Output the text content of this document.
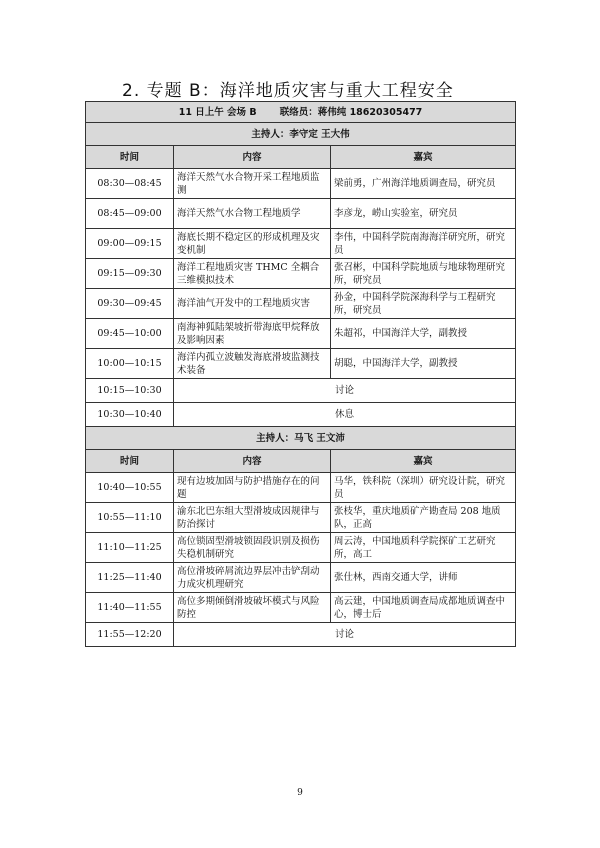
2. 专题 B：海洋地质灾害与重大工程安全
11 日上午 会场 B 联络员：蒋伟纯 18620305477		
主持人：李守定 王大伟		
时间	内容	嘉宾
08:30—08:45	海洋天然气水合物开采工程地质监测	梁前勇，广州海洋地质调查局，研究员
08:45—09:00	海洋天然气水合物工程地质学	李彦龙，崂山实验室，研究员
09:00—09:15	海底长期不稳定区的形成机理及灾变机制	李伟，中国科学院南海海洋研究所，研究员
09:15—09:30	海洋工程地质灾害 THMC 全耦合三维模拟技术	张召彬，中国科学院地质与地球物理研究所，研究员
09:30—09:45	海洋油气开发中的工程地质灾害	孙金，中国科学院深海科学与工程研究所，研究员
09:45—10:00	南海神狐陆架坡折带海底甲烷释放及影响因素	朱超祁，中国海洋大学，副教授
10:00—10:15	海洋内孤立波触发海底滑坡监测技术装备	胡聪，中国海洋大学，副教授
10:15—10:30	讨论	
10:30—10:40	休息	
主持人：马飞 王文沛		
时间	内容	嘉宾
10:40—10:55	现有边坡加固与防护措施存在的问题	马华，铁科院（深圳）研究设计院，研究员
10:55—11:10	渝东北巴东组大型滑坡成因规律与防治探讨	张枝华，重庆地质矿产勘查局 208 地质队，正高
11:10—11:25	高位锁固型滑坡锁固段识别及损伤失稳机制研究	周云涛，中国地质科学院探矿工艺研究所，高工
11:25—11:40	高位滑坡碎屑流边界层冲击铲刮动力成灾机理研究	张仕林，西南交通大学，讲师
11:40—11:55	高位多期倾倒滑坡破坏模式与风险防控	高云建，中国地质调查局成都地质调查中心，博士后
11:55—12:20	讨论	
9
